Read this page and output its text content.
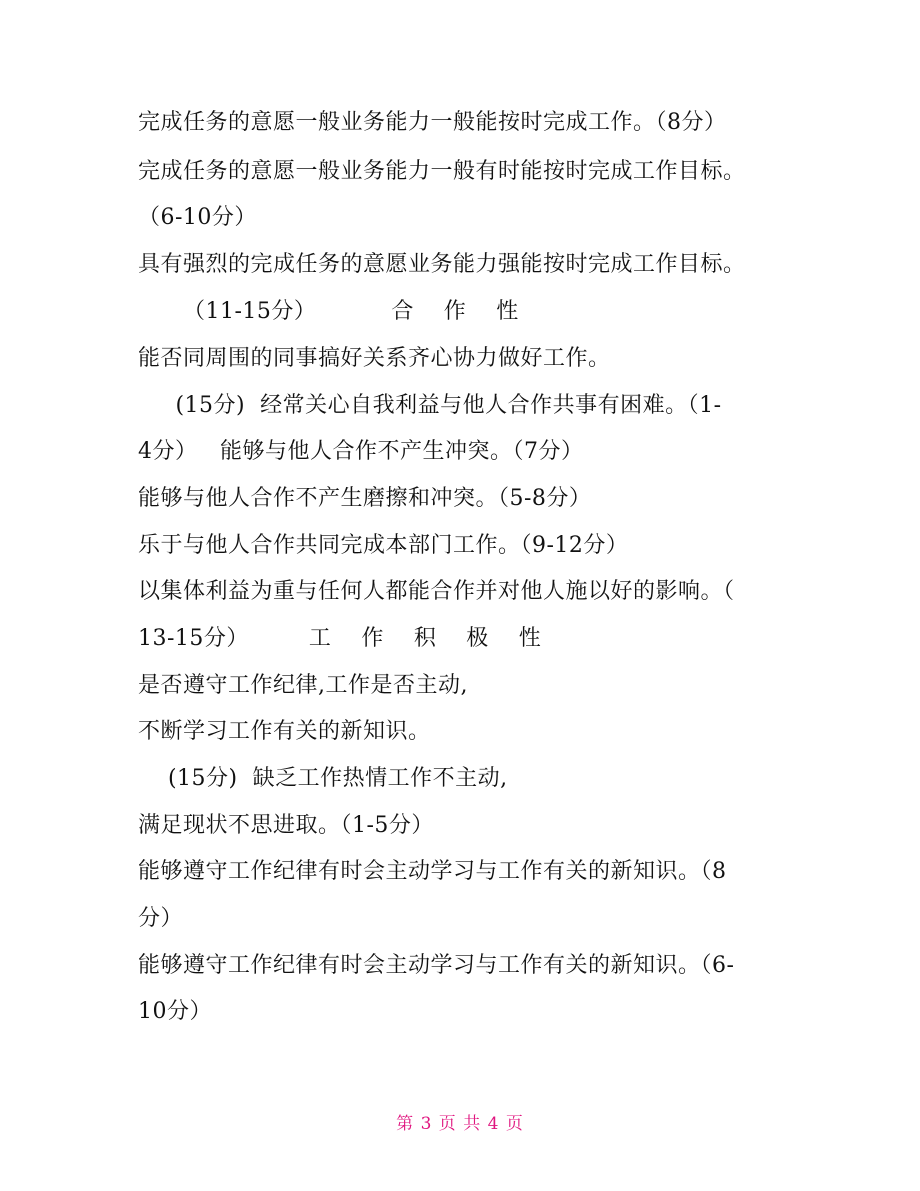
完成任务的意愿一般业务能力一般能按时完成工作。（8分）
完成任务的意愿一般业务能力一般有时能按时完成工作目标。
（6-10分）
具有强烈的完成任务的意愿业务能力强能按时完成工作目标。
（11-15分）          合    作    性
能否同周围的同事搞好关系齐心协力做好工作。
(15分)  经常关心自我利益与他人合作共事有困难。（1-
4分）   能够与他人合作不产生冲突。（7分）
能够与他人合作不产生磨擦和冲突。（5-8分）
乐于与他人合作共同完成本部门工作。（9-12分）
以集体利益为重与任何人都能合作并对他人施以好的影响。（
13-15分）        工    作    积    极    性
是否遵守工作纪律,工作是否主动,
不断学习工作有关的新知识。
(15分)  缺乏工作热情工作不主动,
满足现状不思进取。（1-5分）
能够遵守工作纪律有时会主动学习与工作有关的新知识。（8
分）
能够遵守工作纪律有时会主动学习与工作有关的新知识。（6-
10分）
第 3 页 共 4 页
